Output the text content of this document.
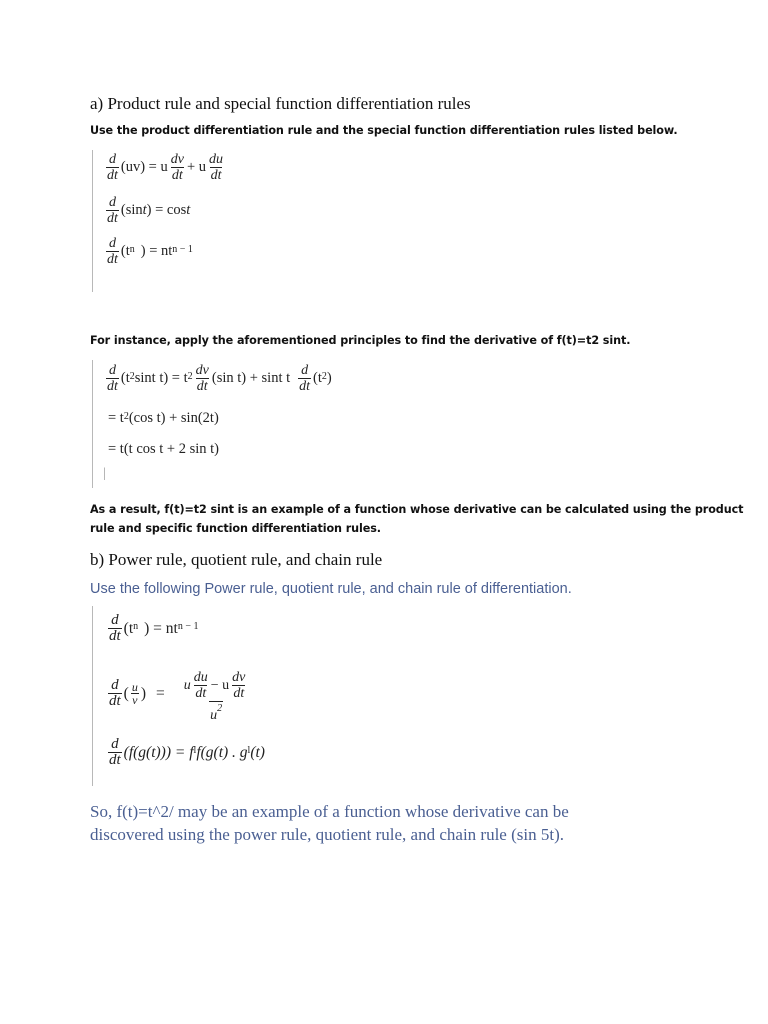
a) Product rule and special function differentiation rules
Use the product differentiation rule and the special function differentiation rules listed below.
$\frac{d}{dt} (uv) = u \frac{dv}{dt} + u \frac{du}{dt}$
$\frac{d}{dt} (\sin$ t ) = cos t
$\frac{d}{dt} (t^n$ ) = $nt^{n - 1}$
For instance, apply the aforementioned principles to find the derivative of f(t)=t2 sint.
$\frac{d}{dt} (t^2$ sint $t) = t^2 \frac{dv}{dt} (\sin$ t) + sint t $\frac{d}{dt} (t^2$ )
= $t^2$ (cos t) + sin(2t)
= t(t cos t + 2 sin t)
|
As a result, f(t)=t2 sint is an example of a function whose derivative can be calculated using the product
rule and specific function differentiation rules.
b) Power rule, quotient rule, and chain rule
Use the following Power rule, quotient rule, and chain rule of differentiation.
$\frac{d}{dt} (t^n$ ) = $nt^{n - 1}$
$\frac{d}{dt}$ ( $\frac{u}{v}$ ) = $\frac{u \frac{du}{dt} - u \frac{dv}{dt}}{u^2}$
$\frac{d}{dt} (f(g(t))) = f^l$ f(g(t) . $g^l$ (t)
So, f(t)=t^2/ may be an example of a function whose derivative can be
discovered using the power rule, quotient rule, and chain rule (sin 5t).
